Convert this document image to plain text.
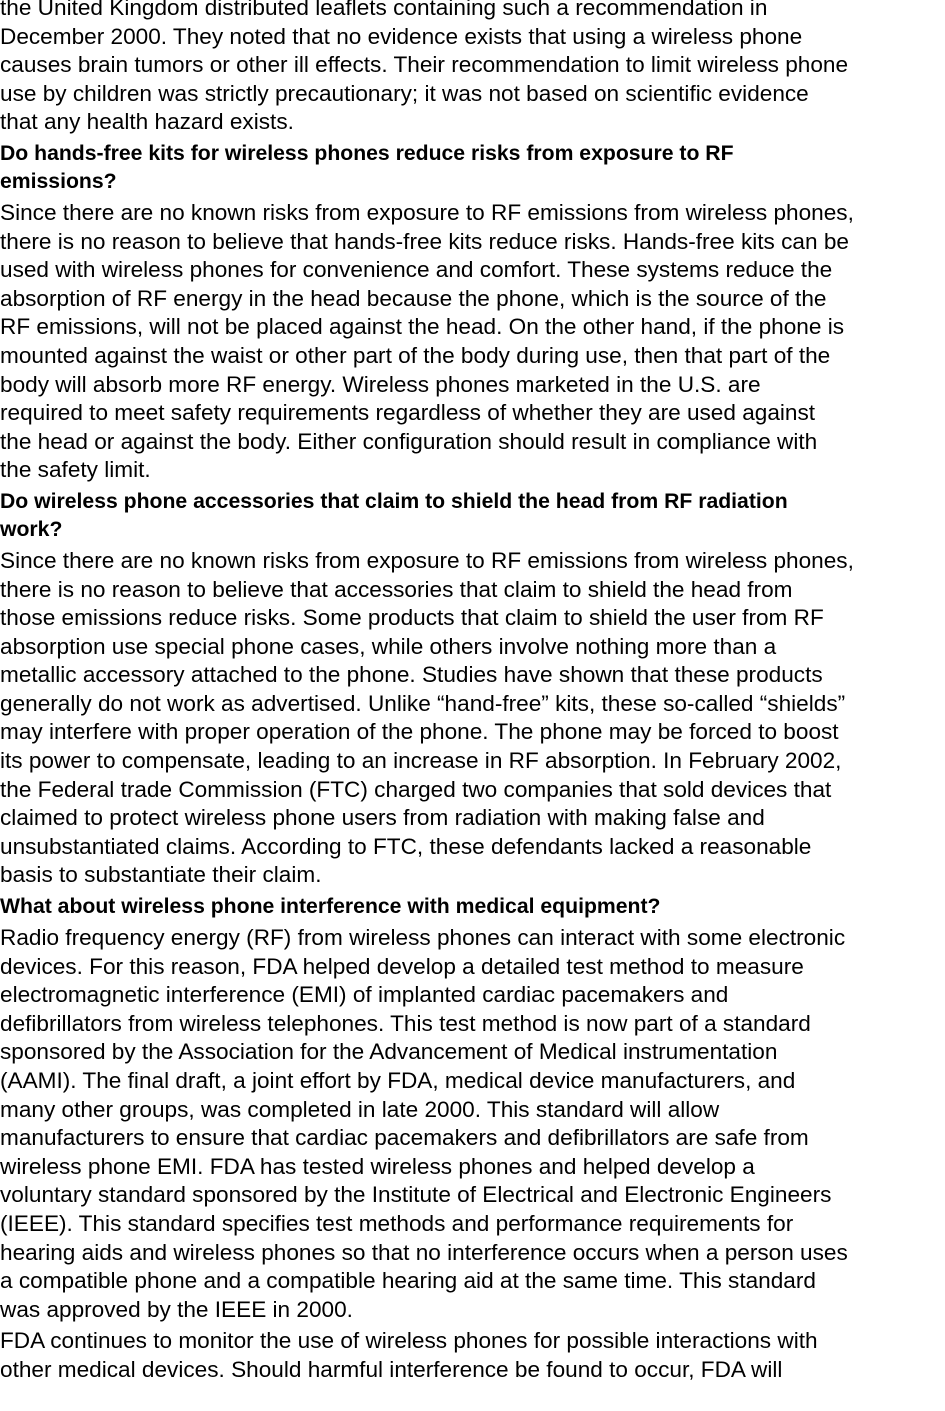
the United Kingdom distributed leaflets containing such a recommendation in
December 2000. They noted that no evidence exists that using a wireless phone
causes brain tumors or other ill effects. Their recommendation to limit wireless phone
use by children was strictly precautionary; it was not based on scientific evidence
that any health hazard exists.
Do hands-free kits for wireless phones reduce risks from exposure to RF
emissions?
Since there are no known risks from exposure to RF emissions from wireless phones,
there is no reason to believe that hands-free kits reduce risks. Hands-free kits can be
used with wireless phones for convenience and comfort. These systems reduce the
absorption of RF energy in the head because the phone, which is the source of the
RF emissions, will not be placed against the head. On the other hand, if the phone is
mounted against the waist or other part of the body during use, then that part of the
body will absorb more RF energy. Wireless phones marketed in the U.S. are
required to meet safety requirements regardless of whether they are used against
the head or against the body. Either configuration should result in compliance with
the safety limit.
Do wireless phone accessories that claim to shield the head from RF radiation
work?
Since there are no known risks from exposure to RF emissions from wireless phones,
there is no reason to believe that accessories that claim to shield the head from
those emissions reduce risks. Some products that claim to shield the user from RF
absorption use special phone cases, while others involve nothing more than a
metallic accessory attached to the phone. Studies have shown that these products
generally do not work as advertised. Unlike “hand-free” kits, these so-called “shields”
may interfere with proper operation of the phone. The phone may be forced to boost
its power to compensate, leading to an increase in RF absorption. In February 2002,
the Federal trade Commission (FTC) charged two companies that sold devices that
claimed to protect wireless phone users from radiation with making false and
unsubstantiated claims. According to FTC, these defendants lacked a reasonable
basis to substantiate their claim.
What about wireless phone interference with medical equipment?
Radio frequency energy (RF) from wireless phones can interact with some electronic
devices. For this reason, FDA helped develop a detailed test method to measure
electromagnetic interference (EMI) of implanted cardiac pacemakers and
defibrillators from wireless telephones. This test method is now part of a standard
sponsored by the Association for the Advancement of Medical instrumentation
(AAMI). The final draft, a joint effort by FDA, medical device manufacturers, and
many other groups, was completed in late 2000. This standard will allow
manufacturers to ensure that cardiac pacemakers and defibrillators are safe from
wireless phone EMI. FDA has tested wireless phones and helped develop a
voluntary standard sponsored by the Institute of Electrical and Electronic Engineers
(IEEE). This standard specifies test methods and performance requirements for
hearing aids and wireless phones so that no interference occurs when a person uses
a compatible phone and a compatible hearing aid at the same time. This standard
was approved by the IEEE in 2000.
FDA continues to monitor the use of wireless phones for possible interactions with
other medical devices. Should harmful interference be found to occur, FDA will
